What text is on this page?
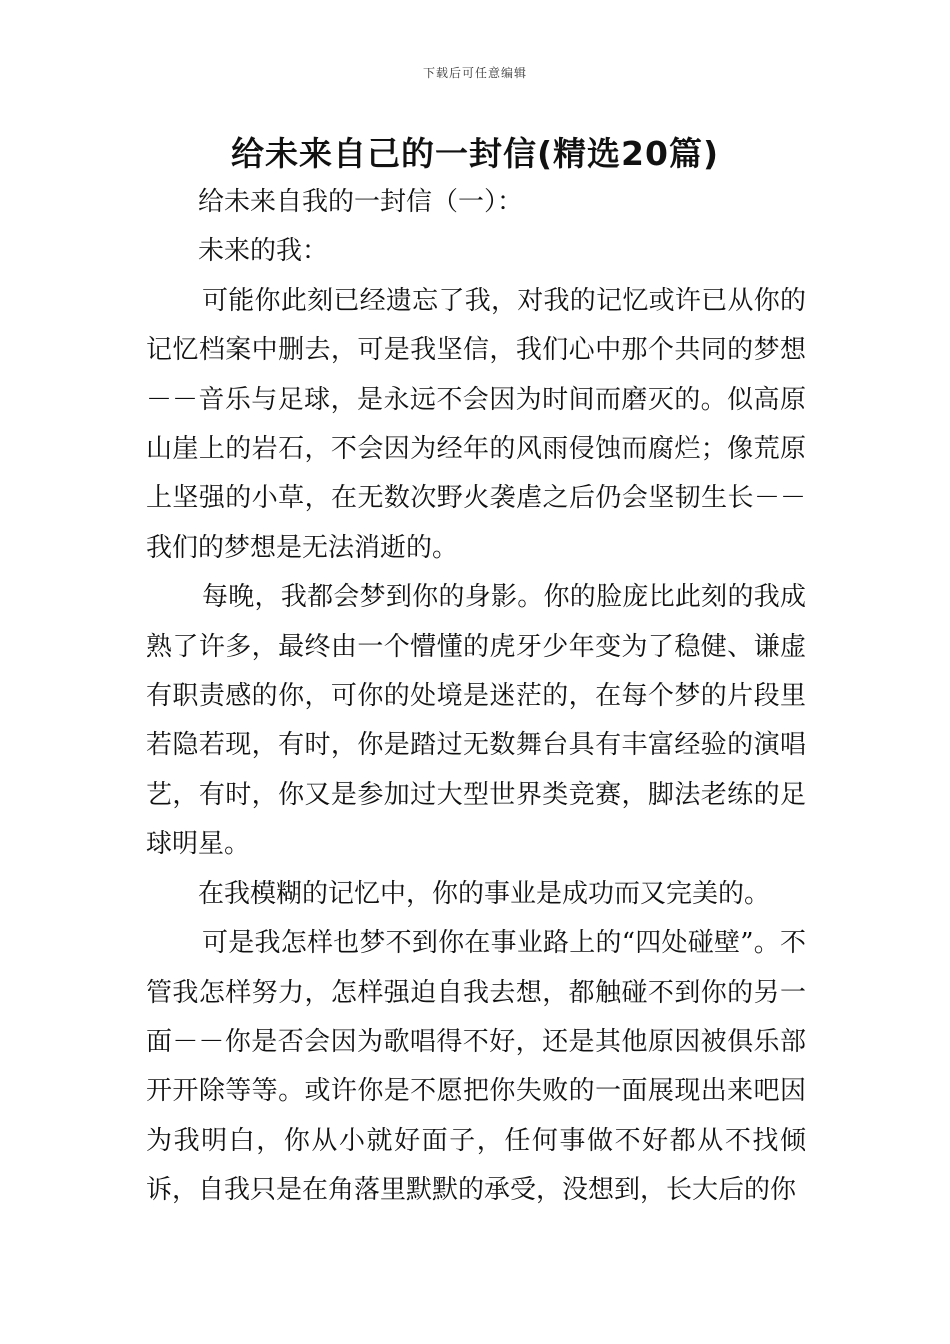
下载后可任意编辑
给未来自己的一封信(精选20篇)

给未来自我的一封信（一）：

未来的我：

可能你此刻已经遗忘了我，对我的记忆或许已从你的记忆档案中删去，可是我坚信，我们心中那个共同的梦想－－音乐与足球，是永远不会因为时间而磨灭的。似高原山崖上的岩石，不会因为经年的风雨侵蚀而腐烂；像荒原上坚强的小草，在无数次野火袭虐之后仍会坚韧生长－－我们的梦想是无法消逝的。

每晚，我都会梦到你的身影。你的脸庞比此刻的我成熟了许多，最终由一个懵懂的虎牙少年变为了稳健、谦虚有职责感的你，可你的处境是迷茫的，在每个梦的片段里若隐若现，有时，你是踏过无数舞台具有丰富经验的演唱艺，有时，你又是参加过大型世界类竞赛，脚法老练的足球明星。

在我模糊的记忆中，你的事业是成功而又完美的。

可是我怎样也梦不到你在事业路上的“四处碰壁”。不管我怎样努力，怎样强迫自我去想，都触碰不到你的另一面－－你是否会因为歌唱得不好，还是其他原因被俱乐部开开除等等。或许你是不愿把你失败的一面展现出来吧因为我明白，你从小就好面子，任何事做不好都从不找倾诉，自我只是在角落里默默的承受，没想到，长大后的你
